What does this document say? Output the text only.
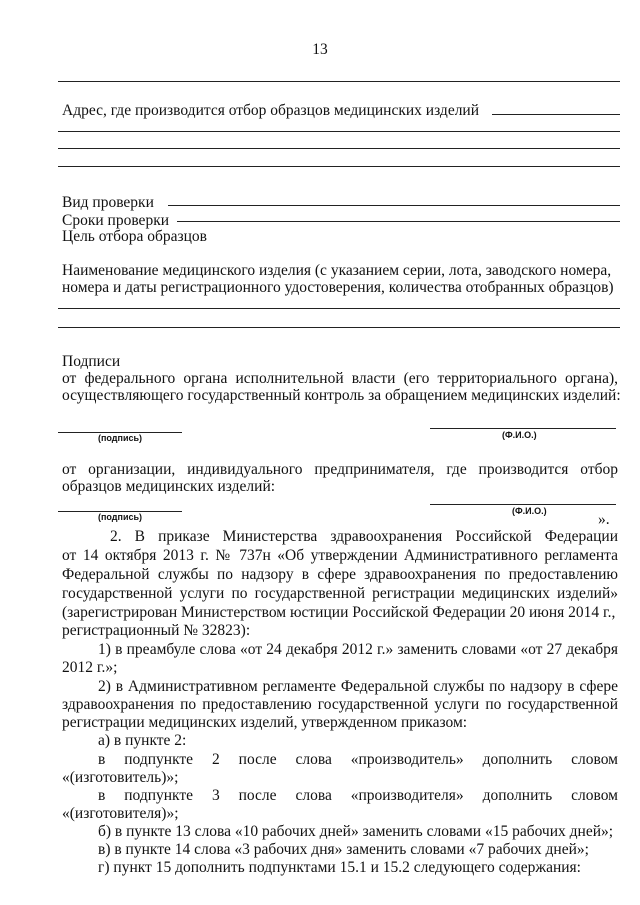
13
Адрес, где производится отбор образцов медицинских изделий
Вид проверки
Сроки проверки
Цель отбора образцов
Наименование медицинского изделия (с указанием серии, лота, заводского номера,
номера и даты регистрационного удостоверения, количества отобранных образцов)
Подписи
от федерального органа исполнительной власти (его территориального органа),
осуществляющего государственный контроль за обращением медицинских изделий:
(подпись)	(Ф.И.О.)
от организации, индивидуального предпринимателя, где производится отбор
образцов медицинских изделий:
(подпись)
(Ф.И.О.)	».
2. В приказе Министерства здравоохранения Российской Федерации
от 14 октября 2013 г. № 737н «Об утверждении Административного регламента
Федеральной службы по надзору в сфере здравоохранения по предоставлению
государственной услуги по государственной регистрации медицинских изделий»
(зарегистрирован Министерством юстиции Российской Федерации 20 июня 2014 г.,
регистрационный № 32823):
1) в преамбуле слова «от 24 декабря 2012 г.» заменить словами «от 27 декабря
2012 г.»;
2) в Административном регламенте Федеральной службы по надзору в сфере
здравоохранения по предоставлению государственной услуги по государственной
регистрации медицинских изделий, утвержденном приказом:
а) в пункте 2:
в подпункте 2 после слова «производитель» дополнить словом
«(изготовитель)»;
в подпункте 3 после слова «производителя» дополнить словом
«(изготовителя)»;
б) в пункте 13 слова «10 рабочих дней» заменить словами «15 рабочих дней»;
в) в пункте 14 слова «3 рабочих дня» заменить словами «7 рабочих дней»;
г) пункт 15 дополнить подпунктами 15.1 и 15.2 следующего содержания:
